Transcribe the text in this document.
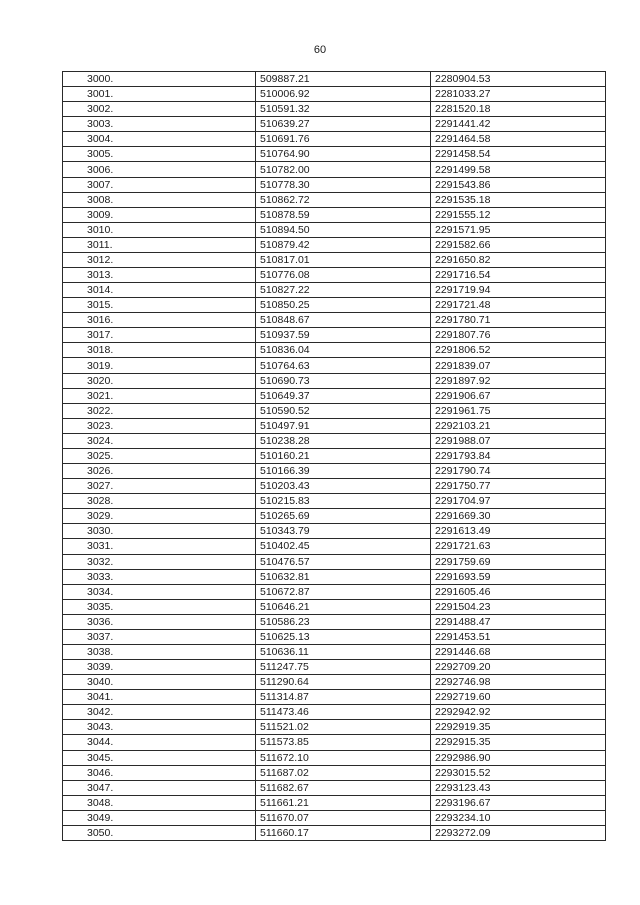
60
3000.	509887.21	2280904.53
3001.	510006.92	2281033.27
3002.	510591.32	2281520.18
3003.	510639.27	2291441.42
3004.	510691.76	2291464.58
3005.	510764.90	2291458.54
3006.	510782.00	2291499.58
3007.	510778.30	2291543.86
3008.	510862.72	2291535.18
3009.	510878.59	2291555.12
3010.	510894.50	2291571.95
3011.	510879.42	2291582.66
3012.	510817.01	2291650.82
3013.	510776.08	2291716.54
3014.	510827.22	2291719.94
3015.	510850.25	2291721.48
3016.	510848.67	2291780.71
3017.	510937.59	2291807.76
3018.	510836.04	2291806.52
3019.	510764.63	2291839.07
3020.	510690.73	2291897.92
3021.	510649.37	2291906.67
3022.	510590.52	2291961.75
3023.	510497.91	2292103.21
3024.	510238.28	2291988.07
3025.	510160.21	2291793.84
3026.	510166.39	2291790.74
3027.	510203.43	2291750.77
3028.	510215.83	2291704.97
3029.	510265.69	2291669.30
3030.	510343.79	2291613.49
3031.	510402.45	2291721.63
3032.	510476.57	2291759.69
3033.	510632.81	2291693.59
3034.	510672.87	2291605.46
3035.	510646.21	2291504.23
3036.	510586.23	2291488.47
3037.	510625.13	2291453.51
3038.	510636.11	2291446.68
3039.	511247.75	2292709.20
3040.	511290.64	2292746.98
3041.	511314.87	2292719.60
3042.	511473.46	2292942.92
3043.	511521.02	2292919.35
3044.	511573.85	2292915.35
3045.	511672.10	2292986.90
3046.	511687.02	2293015.52
3047.	511682.67	2293123.43
3048.	511661.21	2293196.67
3049.	511670.07	2293234.10
3050.	511660.17	2293272.09
